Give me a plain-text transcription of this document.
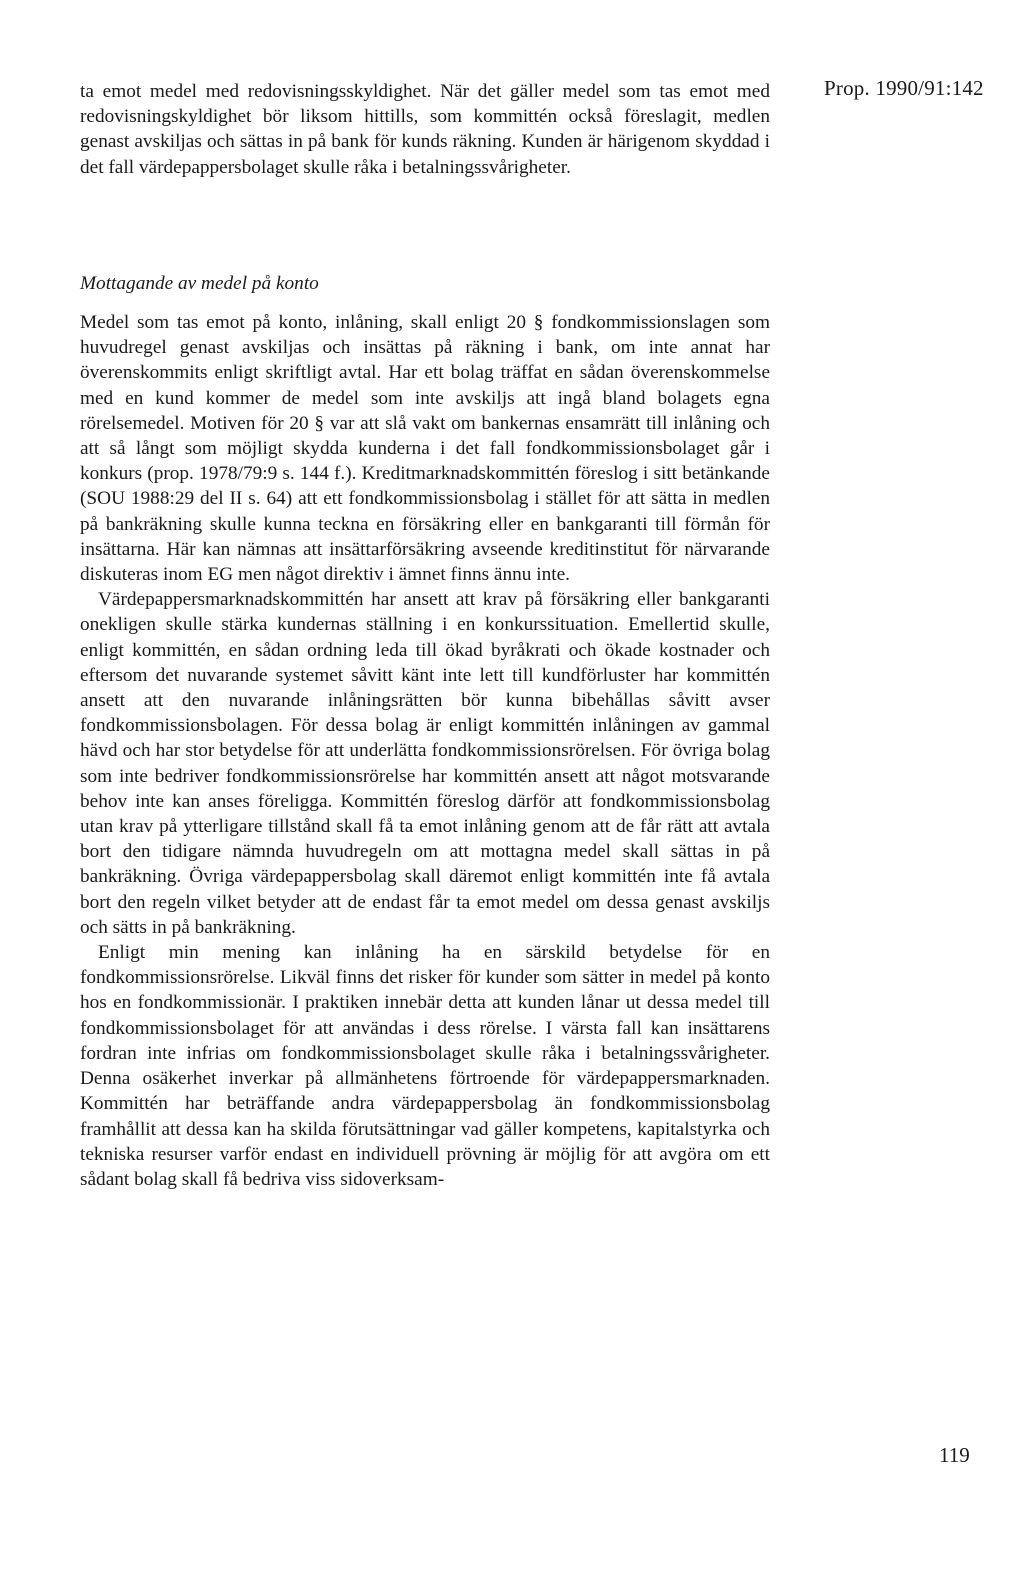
Prop. 1990/91:142

ta emot medel med redovisningsskyldighet. När det gäller medel som tas emot med redovisningskyldighet bör liksom hittills, som kommittén också föreslagit, medlen genast avskiljas och sättas in på bank för kunds räkning. Kunden är härigenom skyddad i det fall värdepappersbolaget skulle råka i betalningssvårigheter.

Mottagande av medel på konto

Medel som tas emot på konto, inlåning, skall enligt 20 § fondkommissionslagen som huvudregel genast avskiljas och insättas på räkning i bank, om inte annat har överenskommits enligt skriftligt avtal. Har ett bolag träffat en sådan överenskommelse med en kund kommer de medel som inte avskiljs att ingå bland bolagets egna rörelsemedel. Motiven för 20 § var att slå vakt om bankernas ensamrätt till inlåning och att så långt som möjligt skydda kunderna i det fall fondkommissionsbolaget går i konkurs (prop. 1978/79:9 s. 144 f.). Kreditmarknadskommittén föreslog i sitt betänkande (SOU 1988:29 del II s. 64) att ett fondkommissionsbolag i stället för att sätta in medlen på bankräkning skulle kunna teckna en försäkring eller en bankgaranti till förmån för insättarna. Här kan nämnas att insättarförsäkring avseende kreditinstitut för närvarande diskuteras inom EG men något direktiv i ämnet finns ännu inte.

Värdepappersmarknadskommittén har ansett att krav på försäkring eller bankgaranti onekligen skulle stärka kundernas ställning i en konkurssituation. Emellertid skulle, enligt kommittén, en sådan ordning leda till ökad byråkrati och ökade kostnader och eftersom det nuvarande systemet såvitt känt inte lett till kundförluster har kommittén ansett att den nuvarande inlåningsrätten bör kunna bibehållas såvitt avser fondkommissionsbolagen. För dessa bolag är enligt kommittén inlåningen av gammal hävd och har stor betydelse för att underlätta fondkommissionsrörelsen. För övriga bolag som inte bedriver fondkommissionsrörelse har kommittén ansett att något motsvarande behov inte kan anses föreligga. Kommittén föreslog därför att fondkommissionsbolag utan krav på ytterligare tillstånd skall få ta emot inlåning genom att de får rätt att avtala bort den tidigare nämnda huvudregeln om att mottagna medel skall sättas in på bankräkning. Övriga värdepappersbolag skall däremot enligt kommittén inte få avtala bort den regeln vilket betyder att de endast får ta emot medel om dessa genast avskiljs och sätts in på bankräkning.

Enligt min mening kan inlåning ha en särskild betydelse för en fondkommissionsrörelse. Likväl finns det risker för kunder som sätter in medel på konto hos en fondkommissionär. I praktiken innebär detta att kunden lånar ut dessa medel till fondkommissionsbolaget för att användas i dess rörelse. I värsta fall kan insättarens fordran inte infrias om fondkommissionsbolaget skulle råka i betalningssvårigheter. Denna osäkerhet inverkar på allmänhetens förtroende för värdepappersmarknaden. Kommittén har beträffande andra värdepappersbolag än fondkommissionsbolag framhållit att dessa kan ha skilda förutsättningar vad gäller kompetens, kapitalstyrka och tekniska resurser varför endast en individuell prövning är möjlig för att avgöra om ett sådant bolag skall få bedriva viss sidoverksam-

119
